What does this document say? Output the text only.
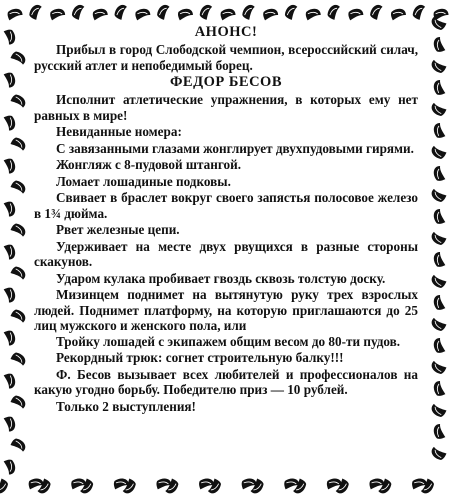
АНОНС!

Прибыл в город Слободской чемпион, всероссийский силач, русский атлет и непобедимый борец.

ФЕДОР БЕСОВ

Исполнит атлетические упражнения, в которых ему нет равных в мире!

Невиданные номера:

С завязанными глазами жонглирует двухпудовыми гирями.

Жонгляж с 8-пудовой штангой.

Ломает лошадиные подковы.

Свивает в браслет вокруг своего запястья полосовое железо в 1¾ дюйма.

Рвет железные цепи.

Удерживает на месте двух рвущихся в разные стороны скакунов.

Ударом кулака пробивает гвоздь сквозь толстую доску.

Мизинцем поднимет на вытянутую руку трех взрослых людей. Поднимет платформу, на которую приглашаются до 25 лиц мужского и женского пола, или

Тройку лошадей с экипажем общим весом до 80-ти пудов.

Рекордный трюк: согнет строительную балку!!!

Ф. Бесов вызывает всех любителей и профессионалов на какую угодно борьбу. Победителю приз — 10 рублей.

Только 2 выступления!
